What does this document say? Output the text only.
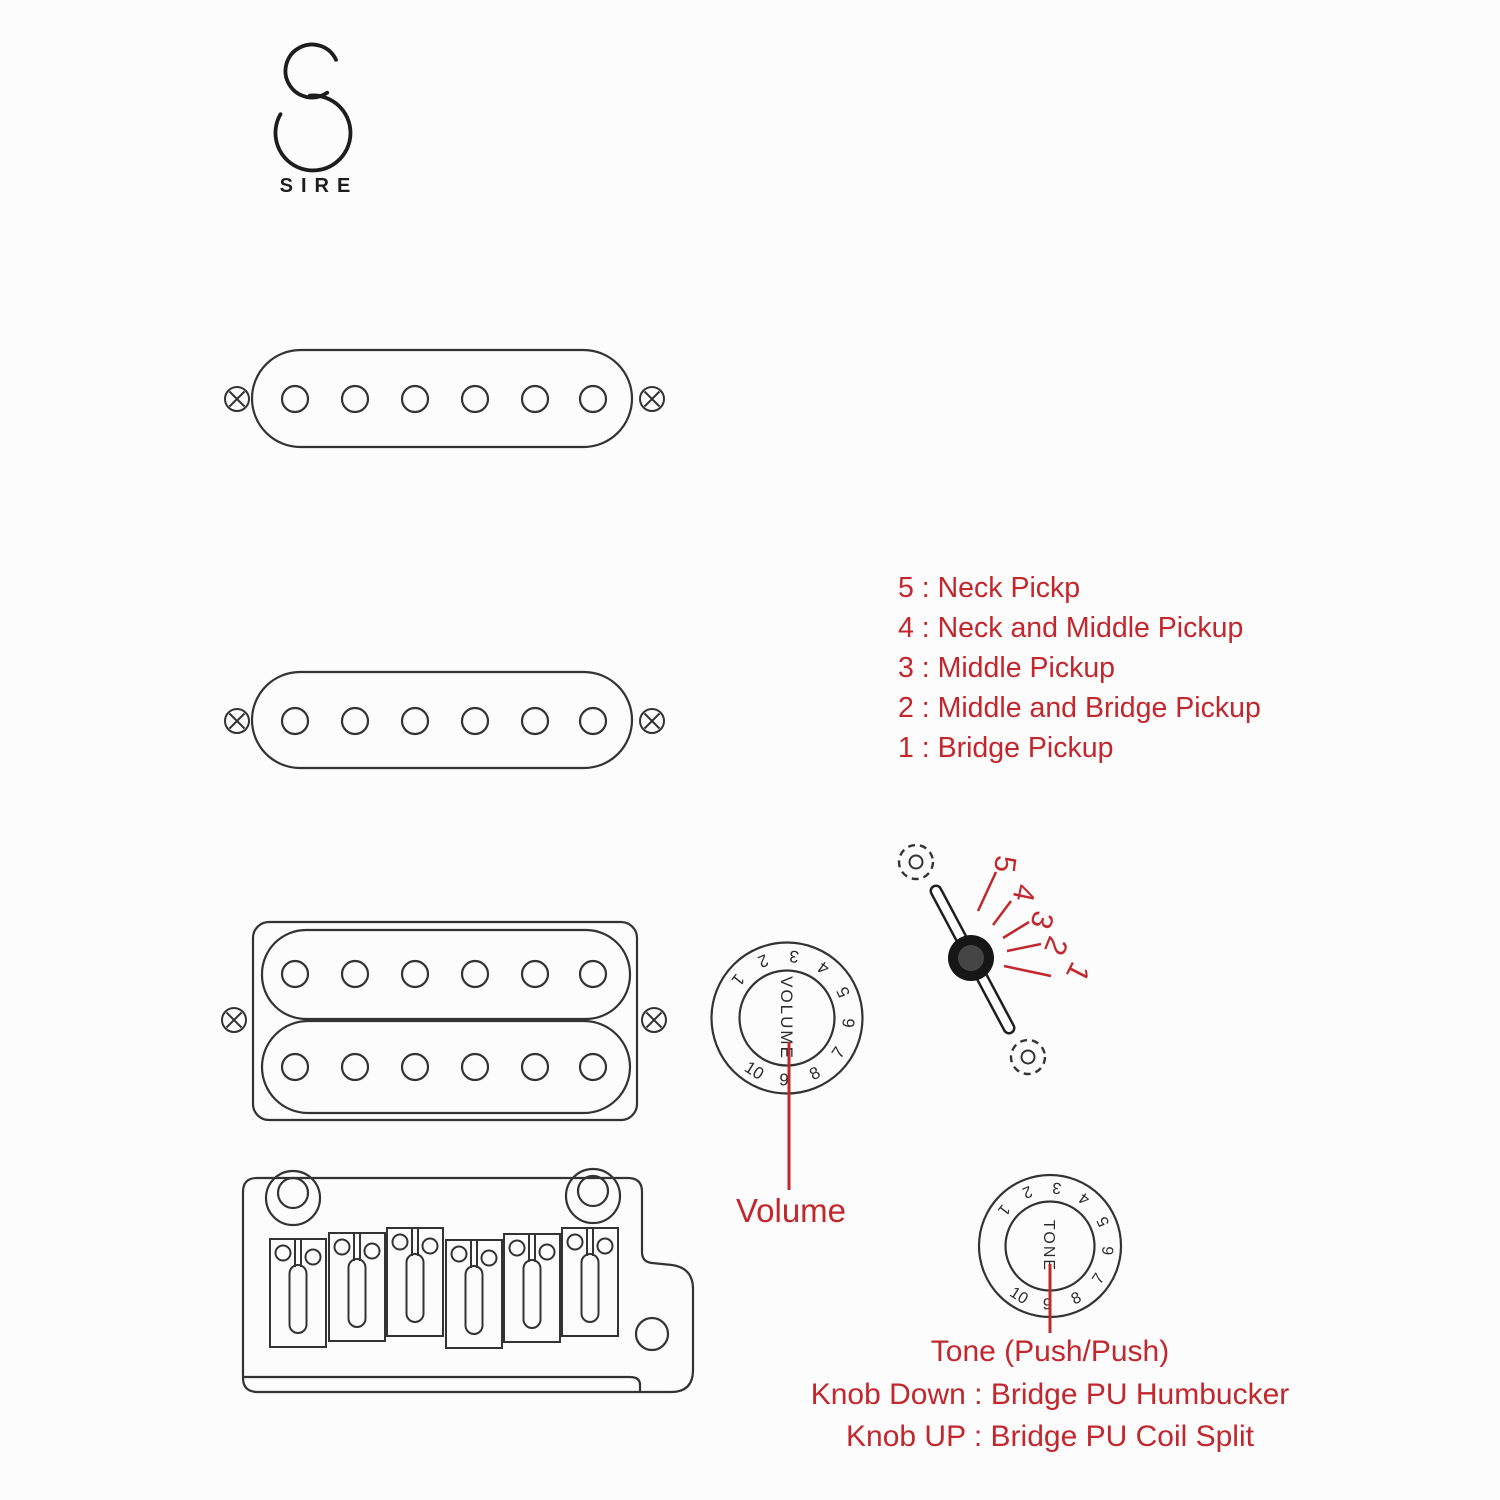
SIRE
5 : Neck Pickp
4 : Neck and Middle Pickup
3 : Middle Pickup
2 : Middle and Bridge Pickup
1 : Bridge Pickup
5
4
3
2
1
1
2 3
4
5
6
7
8
9
10
VOLUME
Volume	1
2 3
4
5
6
7
8
9
10
TONE
Tone (Push/Push)
Knob Down : Bridge PU Humbucker
Knob UP : Bridge PU Coil Split
